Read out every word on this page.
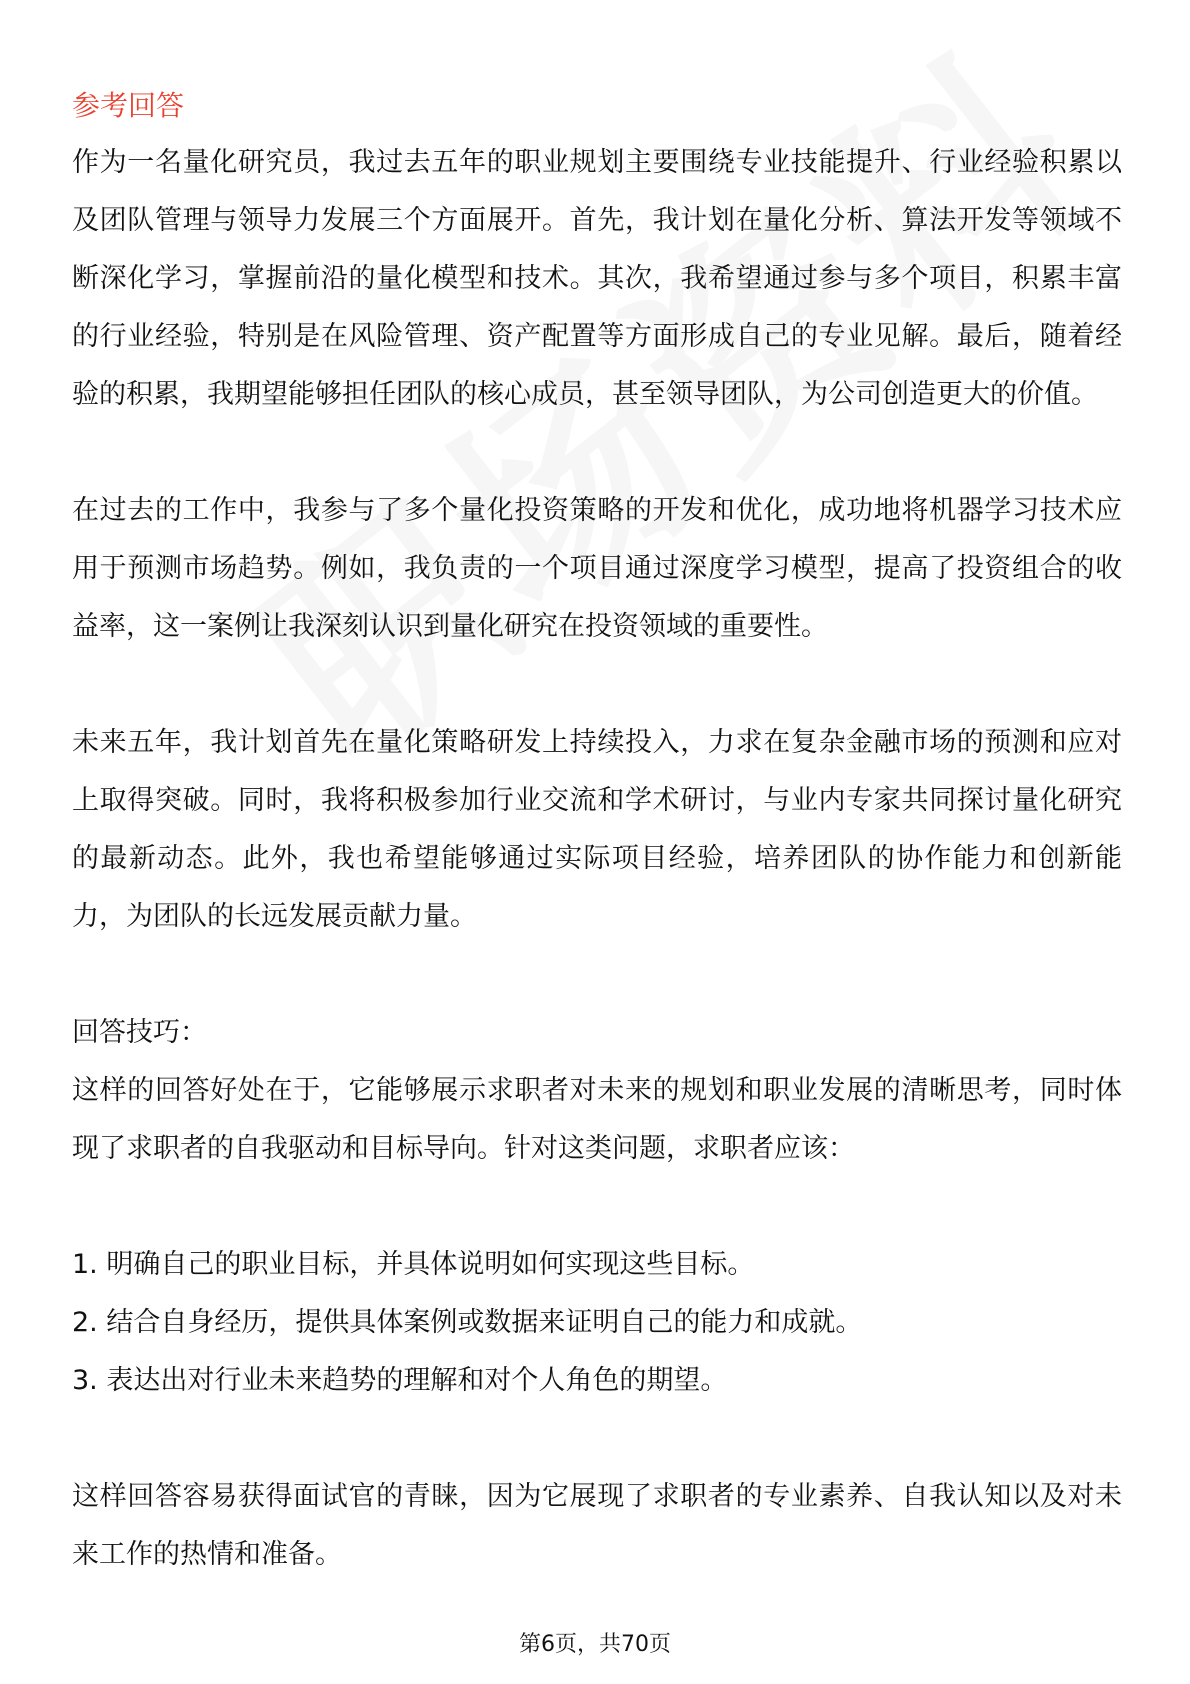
参考回答

作为一名量化研究员，我过去五年的职业规划主要围绕专业技能提升、行业经验积累以及团队管理与领导力发展三个方面展开。首先，我计划在量化分析、算法开发等领域不断深化学习，掌握前沿的量化模型和技术。其次，我希望通过参与多个项目，积累丰富的行业经验，特别是在风险管理、资产配置等方面形成自己的专业见解。最后，随着经验的积累，我期望能够担任团队的核心成员，甚至领导团队，为公司创造更大的价值。

在过去的工作中，我参与了多个量化投资策略的开发和优化，成功地将机器学习技术应用于预测市场趋势。例如，我负责的一个项目通过深度学习模型，提高了投资组合的收益率，这一案例让我深刻认识到量化研究在投资领域的重要性。

未来五年，我计划首先在量化策略研发上持续投入，力求在复杂金融市场的预测和应对上取得突破。同时，我将积极参加行业交流和学术研讨，与业内专家共同探讨量化研究的最新动态。此外，我也希望能够通过实际项目经验，培养团队的协作能力和创新能力，为团队的长远发展贡献力量。

回答技巧：

这样的回答好处在于，它能够展示求职者对未来的规划和职业发展的清晰思考，同时体现了求职者的自我驱动和目标导向。针对这类问题，求职者应该：

1. 明确自己的职业目标，并具体说明如何实现这些目标。

2. 结合自身经历，提供具体案例或数据来证明自己的能力和成就。

3. 表达出对行业未来趋势的理解和对个人角色的期望。

这样回答容易获得面试官的青睐，因为它展现了求职者的专业素养、自我认知以及对未来工作的热情和准备。

第6页，共70页
